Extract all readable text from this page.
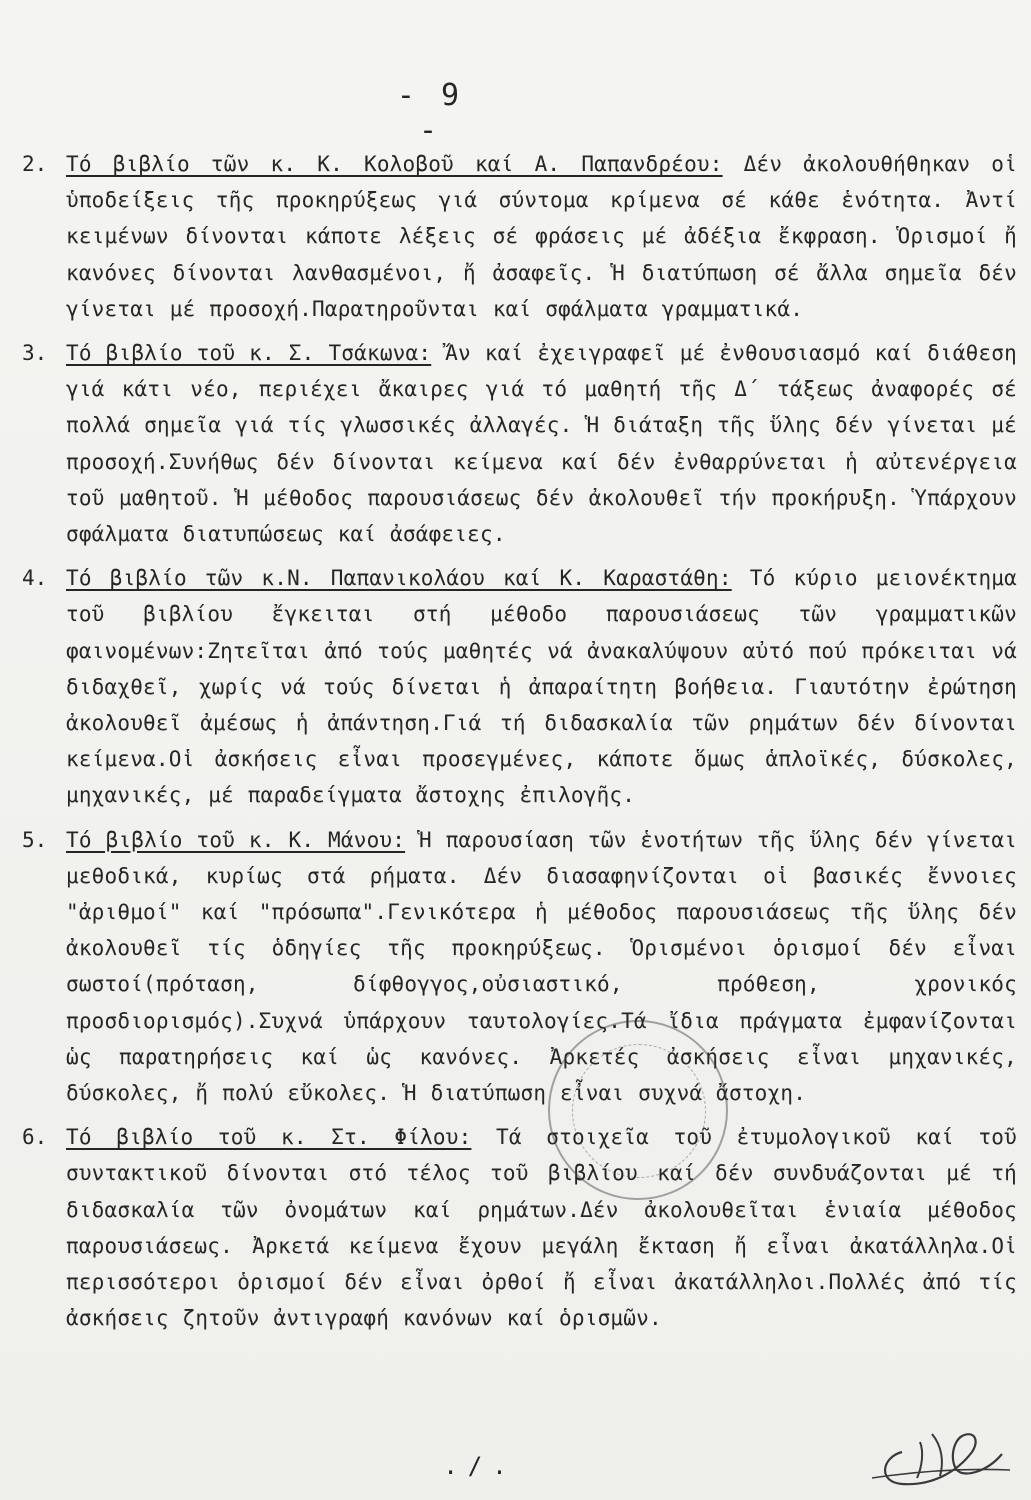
- 9 -
2. Τό βιβλίο τῶν κ. Κ. Κολοβοῦ καί Α. Παπανδρέου: Δέν ἀκολουθήθηκαν οἱ ὑποδείξεις τῆς προκηρύξεως γιά σύντομα κρίμενα σέ κάθε ἑνότητα. Ἀντί κειμένων δίνονται κάποτε λέξεις σέ φράσεις μέ ἀδέξια ἔκφραση. Ὁρισμοί ἤ κανόνες δίνονται λανθασμένοι, ἤ ἀσαφεῖς. Ἡ διατύπωση σέ ἄλλα σημεῖα δέν γίνεται μέ προσοχή.Παρατηροῦνται καί σφάλματα γραμματικά.

3. Τό βιβλίο τοῦ κ. Σ. Τσάκωνα: Ἄν καί ἐχειγραφεῖ μέ ἐνθουσιασμό καί διάθεση γιά κάτι νέο, περιέχει ἄκαιρες γιά τό μαθητή τῆς Δ΄ τάξεως ἀναφορές σέ πολλά σημεῖα γιά τίς γλωσσικές ἀλλαγές. Ἡ διάταξη τῆς ὕλης δέν γίνεται μέ προσοχή.Συνήθως δέν δίνονται κείμενα καί δέν ἐνθαρρύνεται ἡ αὐτενέργεια τοῦ μαθητοῦ. Ἡ μέθοδος παρουσιάσεως δέν ἀκολουθεῖ τήν προκήρυξη. Ὑπάρχουν σφάλματα διατυπώσεως καί ἀσάφειες.

4. Τό βιβλίο τῶν κ.Ν. Παπανικολάου καί Κ. Καραστάθη: Τό κύριο μειονέκτημα τοῦ βιβλίου ἔγκειται στή μέθοδο παρουσιάσεως τῶν γραμματικῶν φαινομένων:Ζητεῖται ἀπό τούς μαθητές νά ἀνακαλύψουν αὐτό πού πρόκειται νά διδαχθεῖ, χωρίς νά τούς δίνεται ἡ ἀπαραίτητη βοήθεια. Γιαυτότην ἐρώτηση ἀκολουθεῖ ἀμέσως ἡ ἀπάντηση.Γιά τή διδασκαλία τῶν ρημάτων δέν δίνονται κείμενα.Οἱ ἀσκήσεις εἶναι προσεγμένες, κάποτε ὅμως ἁπλοϊκές, δύσκολες, μηχανικές, μέ παραδείγματα ἄστοχης ἐπιλογῆς.

5. Τό βιβλίο τοῦ κ. Κ. Μάνου: Ἡ παρουσίαση τῶν ἑνοτήτων τῆς ὕλης δέν γίνεται μεθοδικά, κυρίως στά ρήματα. Δέν διασαφηνίζονται οἱ βασικές ἔννοιες "ἀριθμοί" καί "πρόσωπα".Γενικότερα ἡ μέθοδος παρουσιάσεως τῆς ὕλης δέν ἀκολουθεῖ τίς ὁδηγίες τῆς προκηρύξεως. Ὁρισμένοι ὁρισμοί δέν εἶναι σωστοί(πρόταση, δίφθογγος,οὐσιαστικό, πρόθεση, χρονικός προσδιορισμός).Συχνά ὑπάρχουν ταυτολογίες.Τά ἴδια πράγματα ἐμφανίζονται ὡς παρατηρήσεις καί ὡς κανόνες. Ἀρκετές ἀσκήσεις εἶναι μηχανικές, δύσκολες, ἤ πολύ εὔκολες. Ἡ διατύπωση εἶναι συχνά ἄστοχη.

6. Τό βιβλίο τοῦ κ. Στ. Φίλου: Τά στοιχεῖα τοῦ ἐτυμολογικοῦ καί τοῦ συντακτικοῦ δίνονται στό τέλος τοῦ βιβλίου καί δέν συνδυάζονται μέ τή διδασκαλία τῶν ὀνομάτων καί ρημάτων.Δέν ἀκολουθεῖται ἑνιαία μέθοδος παρουσιάσεως. Ἀρκετά κείμενα ἔχουν μεγάλη ἔκταση ἤ εἶναι ἀκατάλληλα.Οἱ περισσότεροι ὁρισμοί δέν εἶναι ὀρθοί ἤ εἶναι ἀκατάλληλοι.Πολλές ἀπό τίς ἀσκήσεις ζητοῦν ἀντιγραφή κανόνων καί ὁρισμῶν.

./.
